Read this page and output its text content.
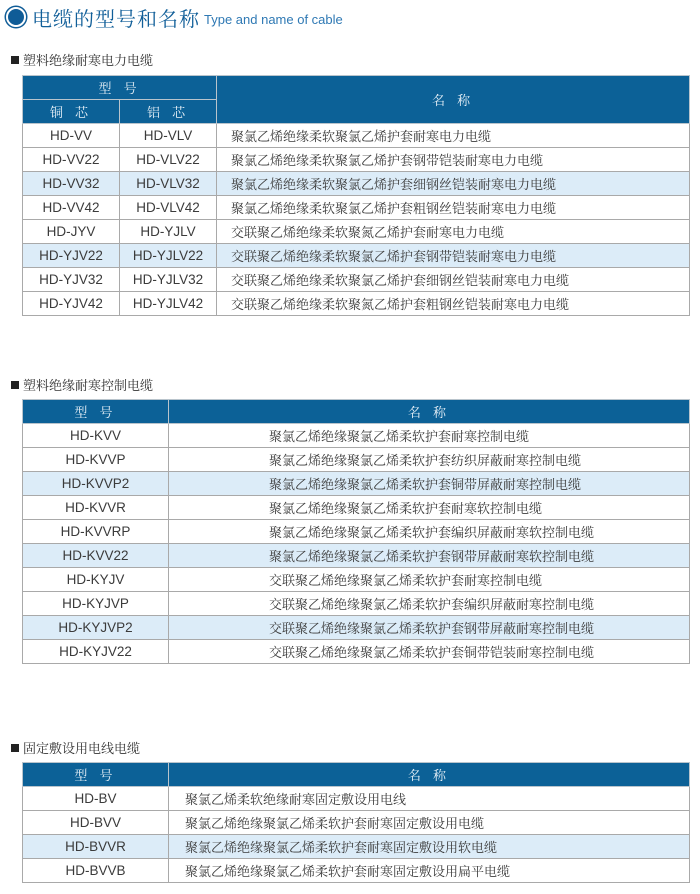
电缆的型号和名称 Type and name of cable
塑料绝缘耐寒电力电缆
型 号		名 称
铜 芯	铝 芯	
HD-VV	HD-VLV	聚氯乙烯绝缘柔软聚氯乙烯护套耐寒电力电缆
HD-VV22	HD-VLV22	聚氯乙烯绝缘柔软聚氯乙烯护套钢带铠装耐寒电力电缆
HD-VV32	HD-VLV32	聚氯乙烯绝缘柔软聚氯乙烯护套细钢丝铠装耐寒电力电缆
HD-VV42	HD-VLV42	聚氯乙烯绝缘柔软聚氯乙烯护套粗钢丝铠装耐寒电力电缆
HD-JYV	HD-YJLV	交联聚乙烯绝缘柔软聚氮乙烯护套耐寒电力电缆
HD-YJV22	HD-YJLV22	交联聚乙烯绝缘柔软聚氯乙烯护套钢带铠装耐寒电力电缆
HD-YJV32	HD-YJLV32	交联聚乙烯绝缘柔软聚氯乙烯护套细钢丝铠装耐寒电力电缆
HD-YJV42	HD-YJLV42	交联聚乙烯绝缘柔软聚氮乙烯护套粗钢丝铠装耐寒电力电缆
塑料绝缘耐寒控制电缆
型 号	名 称
HD-KVV	聚氯乙烯绝缘聚氯乙烯柔软护套耐寒控制电缆
HD-KVVP	聚氯乙烯绝缘聚氯乙烯柔软护套纺织屏蔽耐寒控制电缆
HD-KVVP2	聚氯乙烯绝缘聚氯乙烯柔软护套铜带屏蔽耐寒控制电缆
HD-KVVR	聚氯乙烯绝缘聚氯乙烯柔软护套耐寒软控制电缆
HD-KVVRP	聚氯乙烯绝缘聚氯乙烯柔软护套编织屏蔽耐寒软控制电缆
HD-KVV22	聚氯乙烯绝缘聚氯乙烯柔软护套钢带屏蔽耐寒软控制电缆
HD-KYJV	交联聚乙烯绝缘聚氯乙烯柔软护套耐寒控制电缆
HD-KYJVP	交联聚乙烯绝缘聚氯乙烯柔软护套编织屏蔽耐寒控制电缆
HD-KYJVP2	交联聚乙烯绝缘聚氯乙烯柔软护套钢带屏蔽耐寒控制电缆
HD-KYJV22	交联聚乙烯绝缘聚氯乙烯柔软护套铜带铠装耐寒控制电缆
固定敷设用电线电缆
型 号	名 称
HD-BV	聚氯乙烯柔软绝缘耐寒固定敷设用电线
HD-BVV	聚氯乙烯绝缘聚氯乙烯柔软护套耐寒固定敷设用电缆
HD-BVVR	聚氯乙烯绝缘聚氯乙烯柔软护套耐寒固定敷设用软电缆
HD-BVVB	聚氯乙烯绝缘聚氯乙烯柔软护套耐寒固定敷设用扁平电缆
